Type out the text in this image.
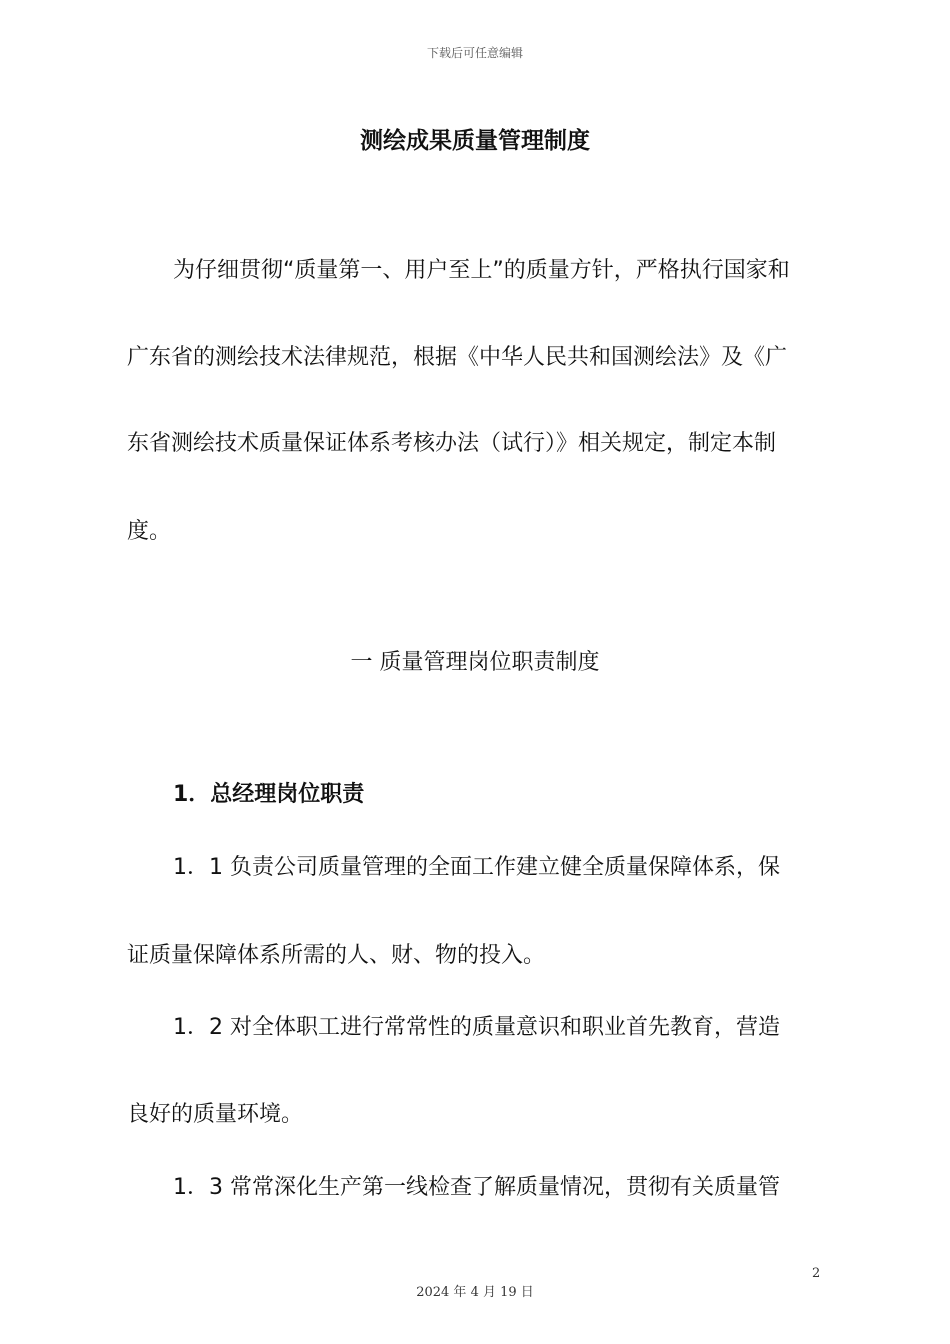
下载后可任意编辑
测绘成果质量管理制度
为仔细贯彻“质量第一、用户至上”的质量方针，严格执行国家和
广东省的测绘技术法律规范，根据《中华人民共和国测绘法》及《广
东省测绘技术质量保证体系考核办法（试行）》相关规定，制定本制
度。
一 质量管理岗位职责制度
1．总经理岗位职责
1．1 负责公司质量管理的全面工作建立健全质量保障体系，保
证质量保障体系所需的人、财、物的投入。
1．2 对全体职工进行常常性的质量意识和职业首先教育，营造
良好的质量环境。
1．3 常常深化生产第一线检查了解质量情况，贯彻有关质量管
2
2024 年 4 月 19 日
